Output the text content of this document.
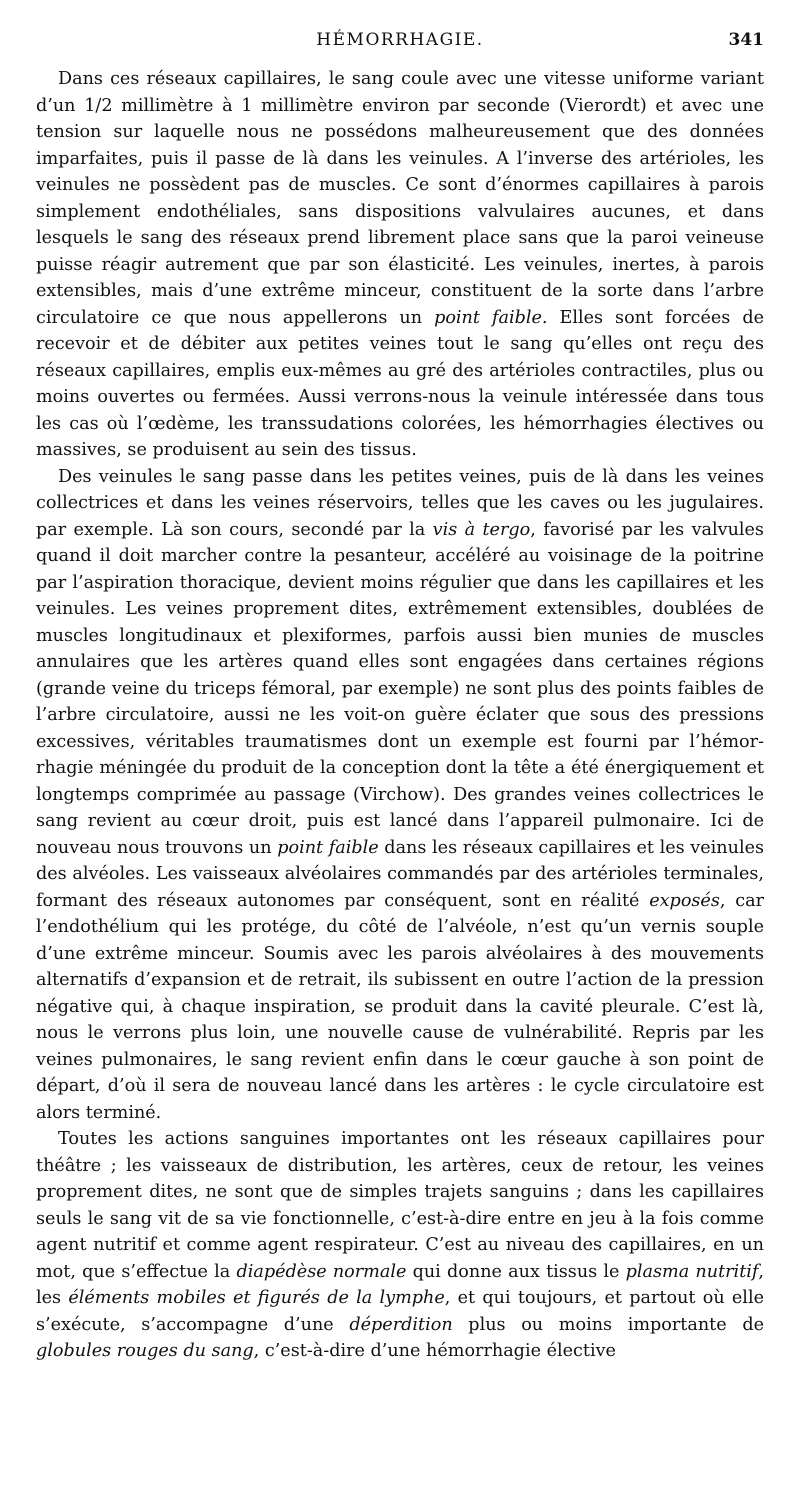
HÉMORRHAGIE.	341

Dans ces réseaux capillaires, le sang coule avec une vitesse uniforme variant d’un 1/2 millimètre à 1 millimètre environ par seconde (Vierordt) et avec une tension sur laquelle nous ne possédons malheureusement que des données imparfaites, puis il passe de là dans les veinules. A l’inverse des artérioles, les veinules ne possèdent pas de muscles. Ce sont d’énormes capillaires à parois simplement endothéliales, sans dispositions valvulaires aucunes, et dans lesquels le sang des réseaux prend librement place sans que la paroi veineuse puisse réagir autrement que par son élasticité. Les veinules, inertes, à parois extensibles, mais d’une extrême minceur, constituent de la sorte dans l’arbre circulatoire ce que nous appellerons un point faible. Elles sont forcées de recevoir et de débiter aux petites veines tout le sang qu’elles ont reçu des réseaux capillaires, emplis eux-mêmes au gré des artérioles contractiles, plus ou moins ouvertes ou fermées. Aussi verrons-nous la veinule intéressée dans tous les cas où l’œdème, les transsudations colorées, les hémorrhagies électives ou massives, se produisent au sein des tissus.

Des veinules le sang passe dans les petites veines, puis de là dans les veines collectrices et dans les veines réservoirs, telles que les caves ou les jugulaires. par exemple. Là son cours, secondé par la vis à tergo, favorisé par les valvules quand il doit marcher contre la pesanteur, accéléré au voisinage de la poitrine par l’aspiration thoracique, devient moins régulier que dans les capillaires et les veinules. Les veines proprement dites, extrêmement extensibles, doublées de muscles longitudinaux et plexiformes, parfois aussi bien munies de muscles annulaires que les artères quand elles sont engagées dans certaines régions (grande veine du triceps fémoral, par exemple) ne sont plus des points faibles de l’arbre circulatoire, aussi ne les voit-on guère éclater que sous des pressions excessives, véritables traumatismes dont un exemple est fourni par l’hémorrhagie méningée du produit de la conception dont la tête a été énergiquement et longtemps comprimée au passage (Virchow). Des grandes veines collectrices le sang revient au cœur droit, puis est lancé dans l’appareil pulmonaire. Ici de nouveau nous trouvons un point faible dans les réseaux capillaires et les veinules des alvéoles. Les vaisseaux alvéolaires commandés par des artérioles terminales, formant des réseaux autonomes par conséquent, sont en réalité exposés, car l’endothélium qui les protége, du côté de l’alvéole, n’est qu’un vernis souple d’une extrême minceur. Soumis avec les parois alvéolaires à des mouvements alternatifs d’expansion et de retrait, ils subissent en outre l’action de la pression négative qui, à chaque inspiration, se produit dans la cavité pleurale. C’est là, nous le verrons plus loin, une nouvelle cause de vulnérabilité. Repris par les veines pulmonaires, le sang revient enfin dans le cœur gauche à son point de départ, d’où il sera de nouveau lancé dans les artères : le cycle circulatoire est alors terminé.

Toutes les actions sanguines importantes ont les réseaux capillaires pour théâtre ; les vaisseaux de distribution, les artères, ceux de retour, les veines proprement dites, ne sont que de simples trajets sanguins ; dans les capillaires seuls le sang vit de sa vie fonctionnelle, c’est-à-dire entre en jeu à la fois comme agent nutritif et comme agent respirateur. C’est au niveau des capillaires, en un mot, que s’effectue la diapédèse normale qui donne aux tissus le plasma nutritif, les éléments mobiles et figurés de la lymphe, et qui toujours, et partout où elle s’exécute, s’accompagne d’une déperdition plus ou moins importante de globules rouges du sang, c’est-à-dire d’une hémorrhagie élective
